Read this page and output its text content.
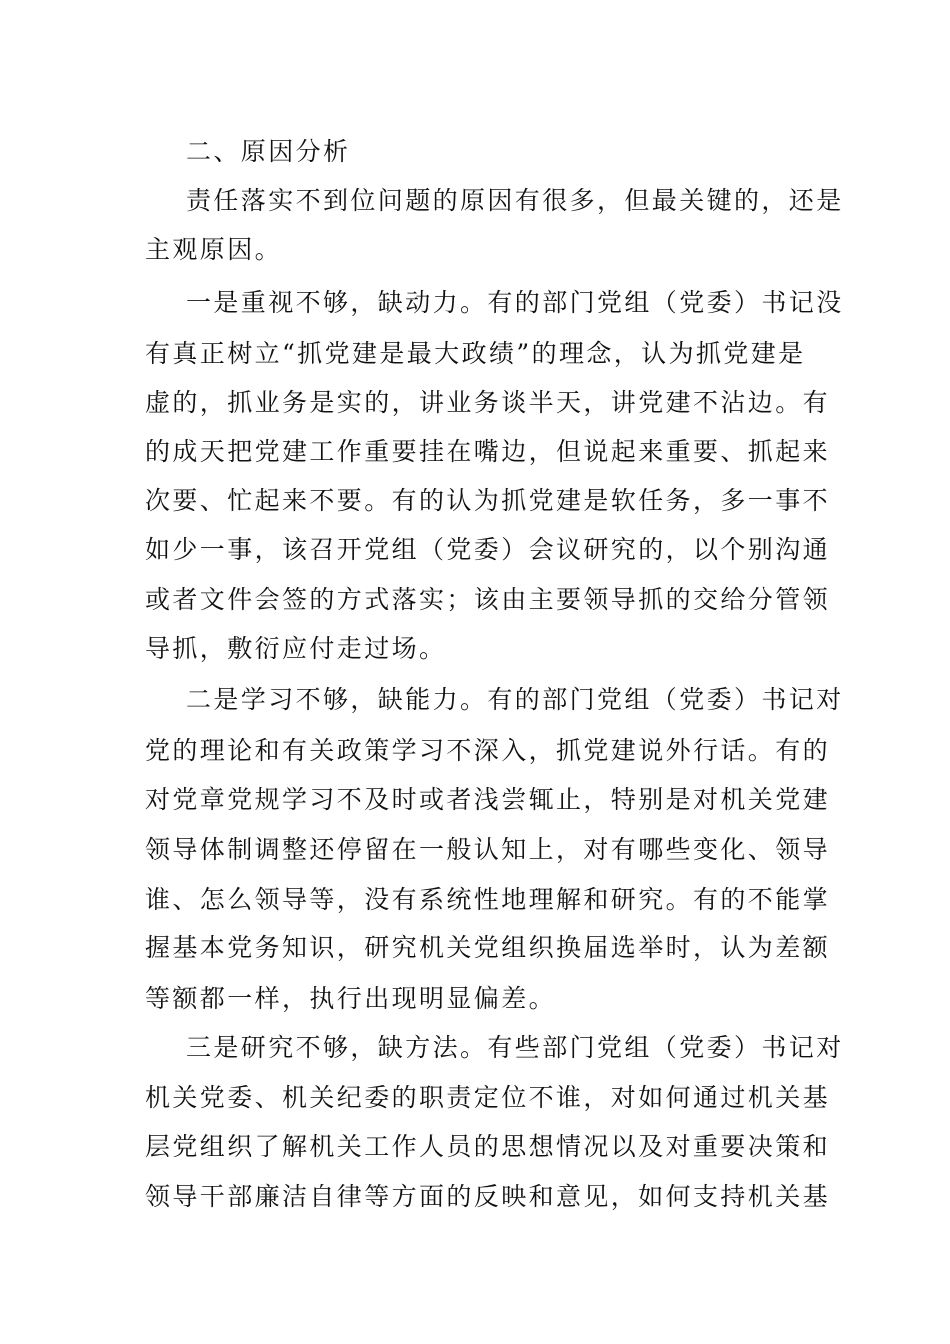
二、原因分析
责任落实不到位问题的原因有很多，但最关键的，还是
主观原因。
一是重视不够，缺动力。有的部门党组（党委）书记没
有真正树立“抓党建是最大政绩”的理念，认为抓党建是
虚的，抓业务是实的，讲业务谈半天，讲党建不沾边。有
的成天把党建工作重要挂在嘴边，但说起来重要、抓起来
次要、忙起来不要。有的认为抓党建是软任务，多一事不
如少一事，该召开党组（党委）会议研究的，以个别沟通
或者文件会签的方式落实；该由主要领导抓的交给分管领
导抓，敷衍应付走过场。
二是学习不够，缺能力。有的部门党组（党委）书记对
党的理论和有关政策学习不深入，抓党建说外行话。有的
对党章党规学习不及时或者浅尝辄止，特别是对机关党建
领导体制调整还停留在一般认知上，对有哪些变化、领导
谁、怎么领导等，没有系统性地理解和研究。有的不能掌
握基本党务知识，研究机关党组织换届选举时，认为差额
等额都一样，执行出现明显偏差。
三是研究不够，缺方法。有些部门党组（党委）书记对
机关党委、机关纪委的职责定位不谁，对如何通过机关基
层党组织了解机关工作人员的思想情况以及对重要决策和
领导干部廉洁自律等方面的反映和意见，如何支持机关基
